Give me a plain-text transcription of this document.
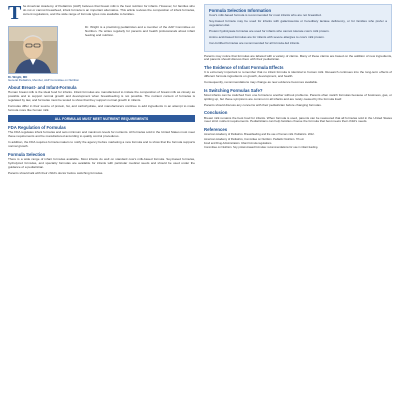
T he American Academy of Pediatrics (AAP) believes that breast milk is the best nutrition for infants. However, for families who do not or cannot breastfeed, infant formula is an important alternative. This article reviews the composition of infant formulas, current regulations, and the wide range of formula types now available to families.
Dr. Wright, MD
General Pediatrics, Member, AAP Committee on Nutrition
Dr. Wright is a practicing pediatrician and a member of the AAP Committee on Nutrition. He writes regularly for parents and health professionals about infant feeding and nutrition.
About Breast- and Infant-Formula
Human breast milk is the ideal food for infants. Infant formulas are manufactured to imitate the composition of breast milk as closely as possible and to support normal growth and development when breastfeeding is not possible. The nutrient content of formulas is regulated by law, and formulas must be tested to show that they support normal growth in infants.
Formulas differ in their source of protein, fat, and carbohydrate, and manufacturers continue to add ingredients in an attempt to make formula more like human milk.
ALL FORMULAS MUST MEET NUTRIENT REQUIREMENTS
FDA Regulation of Formulas
The FDA regulates infant formulas and sets minimum and maximum levels for nutrients. All formulas sold in the United States must meet these requirements and be manufactured according to quality control procedures.
In addition, the FDA requires formula makers to notify the agency before marketing a new formula and to show that the formula supports normal growth.
Formula Selection
There is a wide range of infant formulas available. Most infants do well on standard cow's milk-based formula. Soy-based formulas, hydrolyzed formulas, and specialty formulas are available for infants with particular medical needs and should be used under the guidance of a pediatrician.
Parents should talk with their child's doctor before switching formulas.
Formula Selection Information
Cow's milk-based formula is recommended for most infants who are not breastfed.
Soy-based formula may be used for infants with galactosemia or hereditary lactase deficiency, or for families who prefer a vegetarian diet.
Protein hydrolysate formulas are used for infants who cannot tolerate cow's milk protein.
Amino acid-based formulas are for infants with severe allergies to cow's milk protein.
Iron-fortified formulas are recommended for all formula-fed infants.
Parents may notice that formulas are labeled with a variety of claims. Many of these claims are based on the addition of new ingredients, and parents should discuss them with their pediatrician.
The Evidence of Infant Formula Effects
It is extremely important to remember that no infant formula is identical to human milk. Research continues into the long-term effects of different formula ingredients on growth, development, and health.
Consequently, recommendations may change as new evidence becomes available.
Is Switching Formulas Safe?
Most infants can be switched from one formula to another without problems. Parents often switch formulas because of fussiness, gas, or spitting up, but these symptoms are common in all infants and are rarely caused by the formula itself.
Parents should discuss any concerns with their pediatrician before changing formulas.
Conclusion
Breast milk remains the best food for infants. When formula is used, parents can be reassured that all formulas sold in the United States meet strict nutrient requirements. Pediatricians can help families choose the formula that best meets their child's needs.
References
American Academy of Pediatrics. Breastfeeding and the use of human milk. Pediatrics. 2012.
American Academy of Pediatrics, Committee on Nutrition. Pediatric Nutrition. 7th ed.
Food and Drug Administration. Infant formula regulations.
Committee on Nutrition. Soy protein-based formulas: recommendations for use in infant feeding.
